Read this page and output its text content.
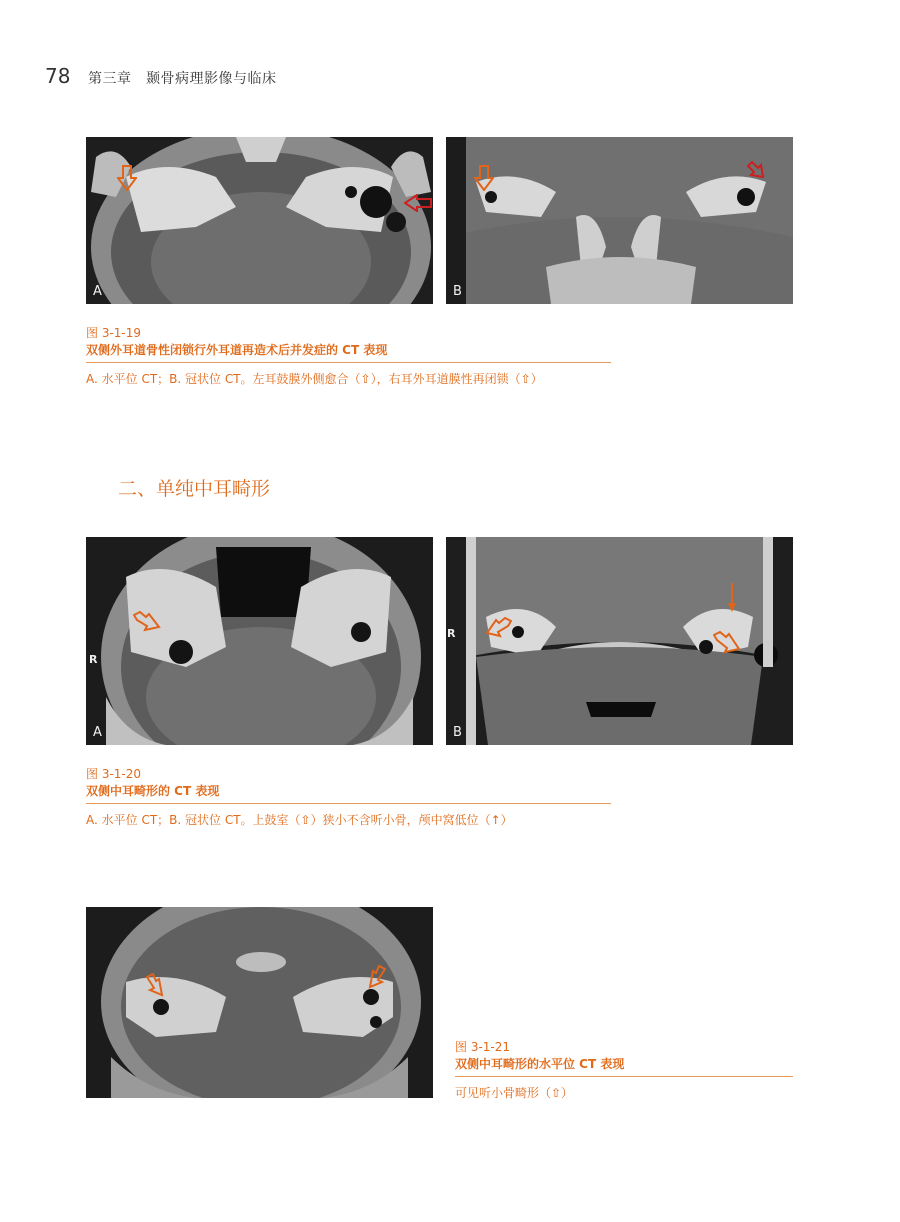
78 第三章　颞骨病理影像与临床
A	B
图 3-1-19
双侧外耳道骨性闭锁行外耳道再造术后并发症的 CT 表现
A. 水平位 CT；B. 冠状位 CT。左耳鼓膜外侧愈合（⇧），右耳外耳道膜性再闭锁（⇧）
二、单纯中耳畸形
R
A
R
B
图 3-1-20
双侧中耳畸形的 CT 表现
A. 水平位 CT；B. 冠状位 CT。上鼓室（⇧）狭小不含听小骨，颅中窝低位（↑）
图 3-1-21
双侧中耳畸形的水平位 CT 表现
可见听小骨畸形（⇧）
